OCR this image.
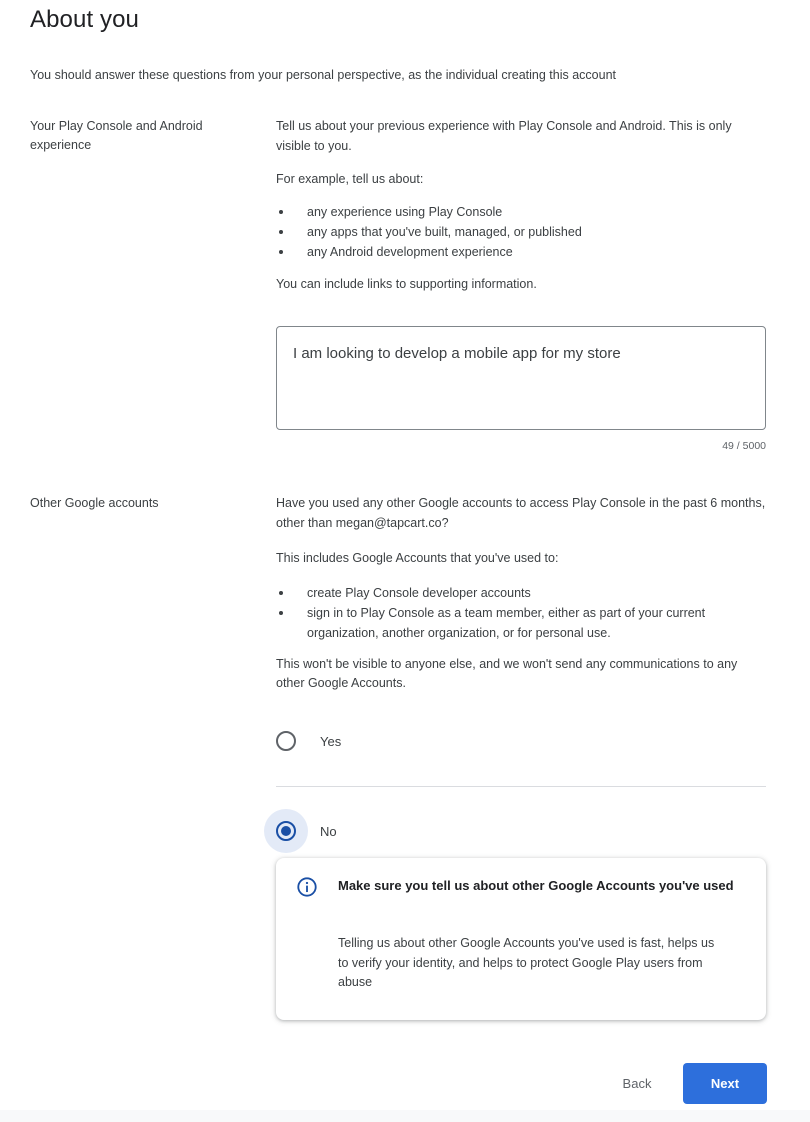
About you
You should answer these questions from your personal perspective, as the individual creating this account
Your Play Console and Android experience

Tell us about your previous experience with Play Console and Android. This is only visible to you.

For example, tell us about:

any experience using Play Console
any apps that you've built, managed, or published
any Android development experience

You can include links to supporting information.

I am looking to develop a mobile app for my store
49 / 5000
Other Google accounts	Have you used any other Google accounts to access Play Console in the past 6 months, other than megan@tapcart.co?

This includes Google Accounts that you've used to:

create Play Console developer accounts
sign in to Play Console as a team member, either as part of your current organization, another organization, or for personal use.

This won't be visible to anyone else, and we won't send any communications to any other Google Accounts.

Yes
No
Make sure you tell us about other Google Accounts you've used
Telling us about other Google Accounts you've used is fast, helps us to verify your identity, and helps to protect Google Play users from abuse
Back	Next
